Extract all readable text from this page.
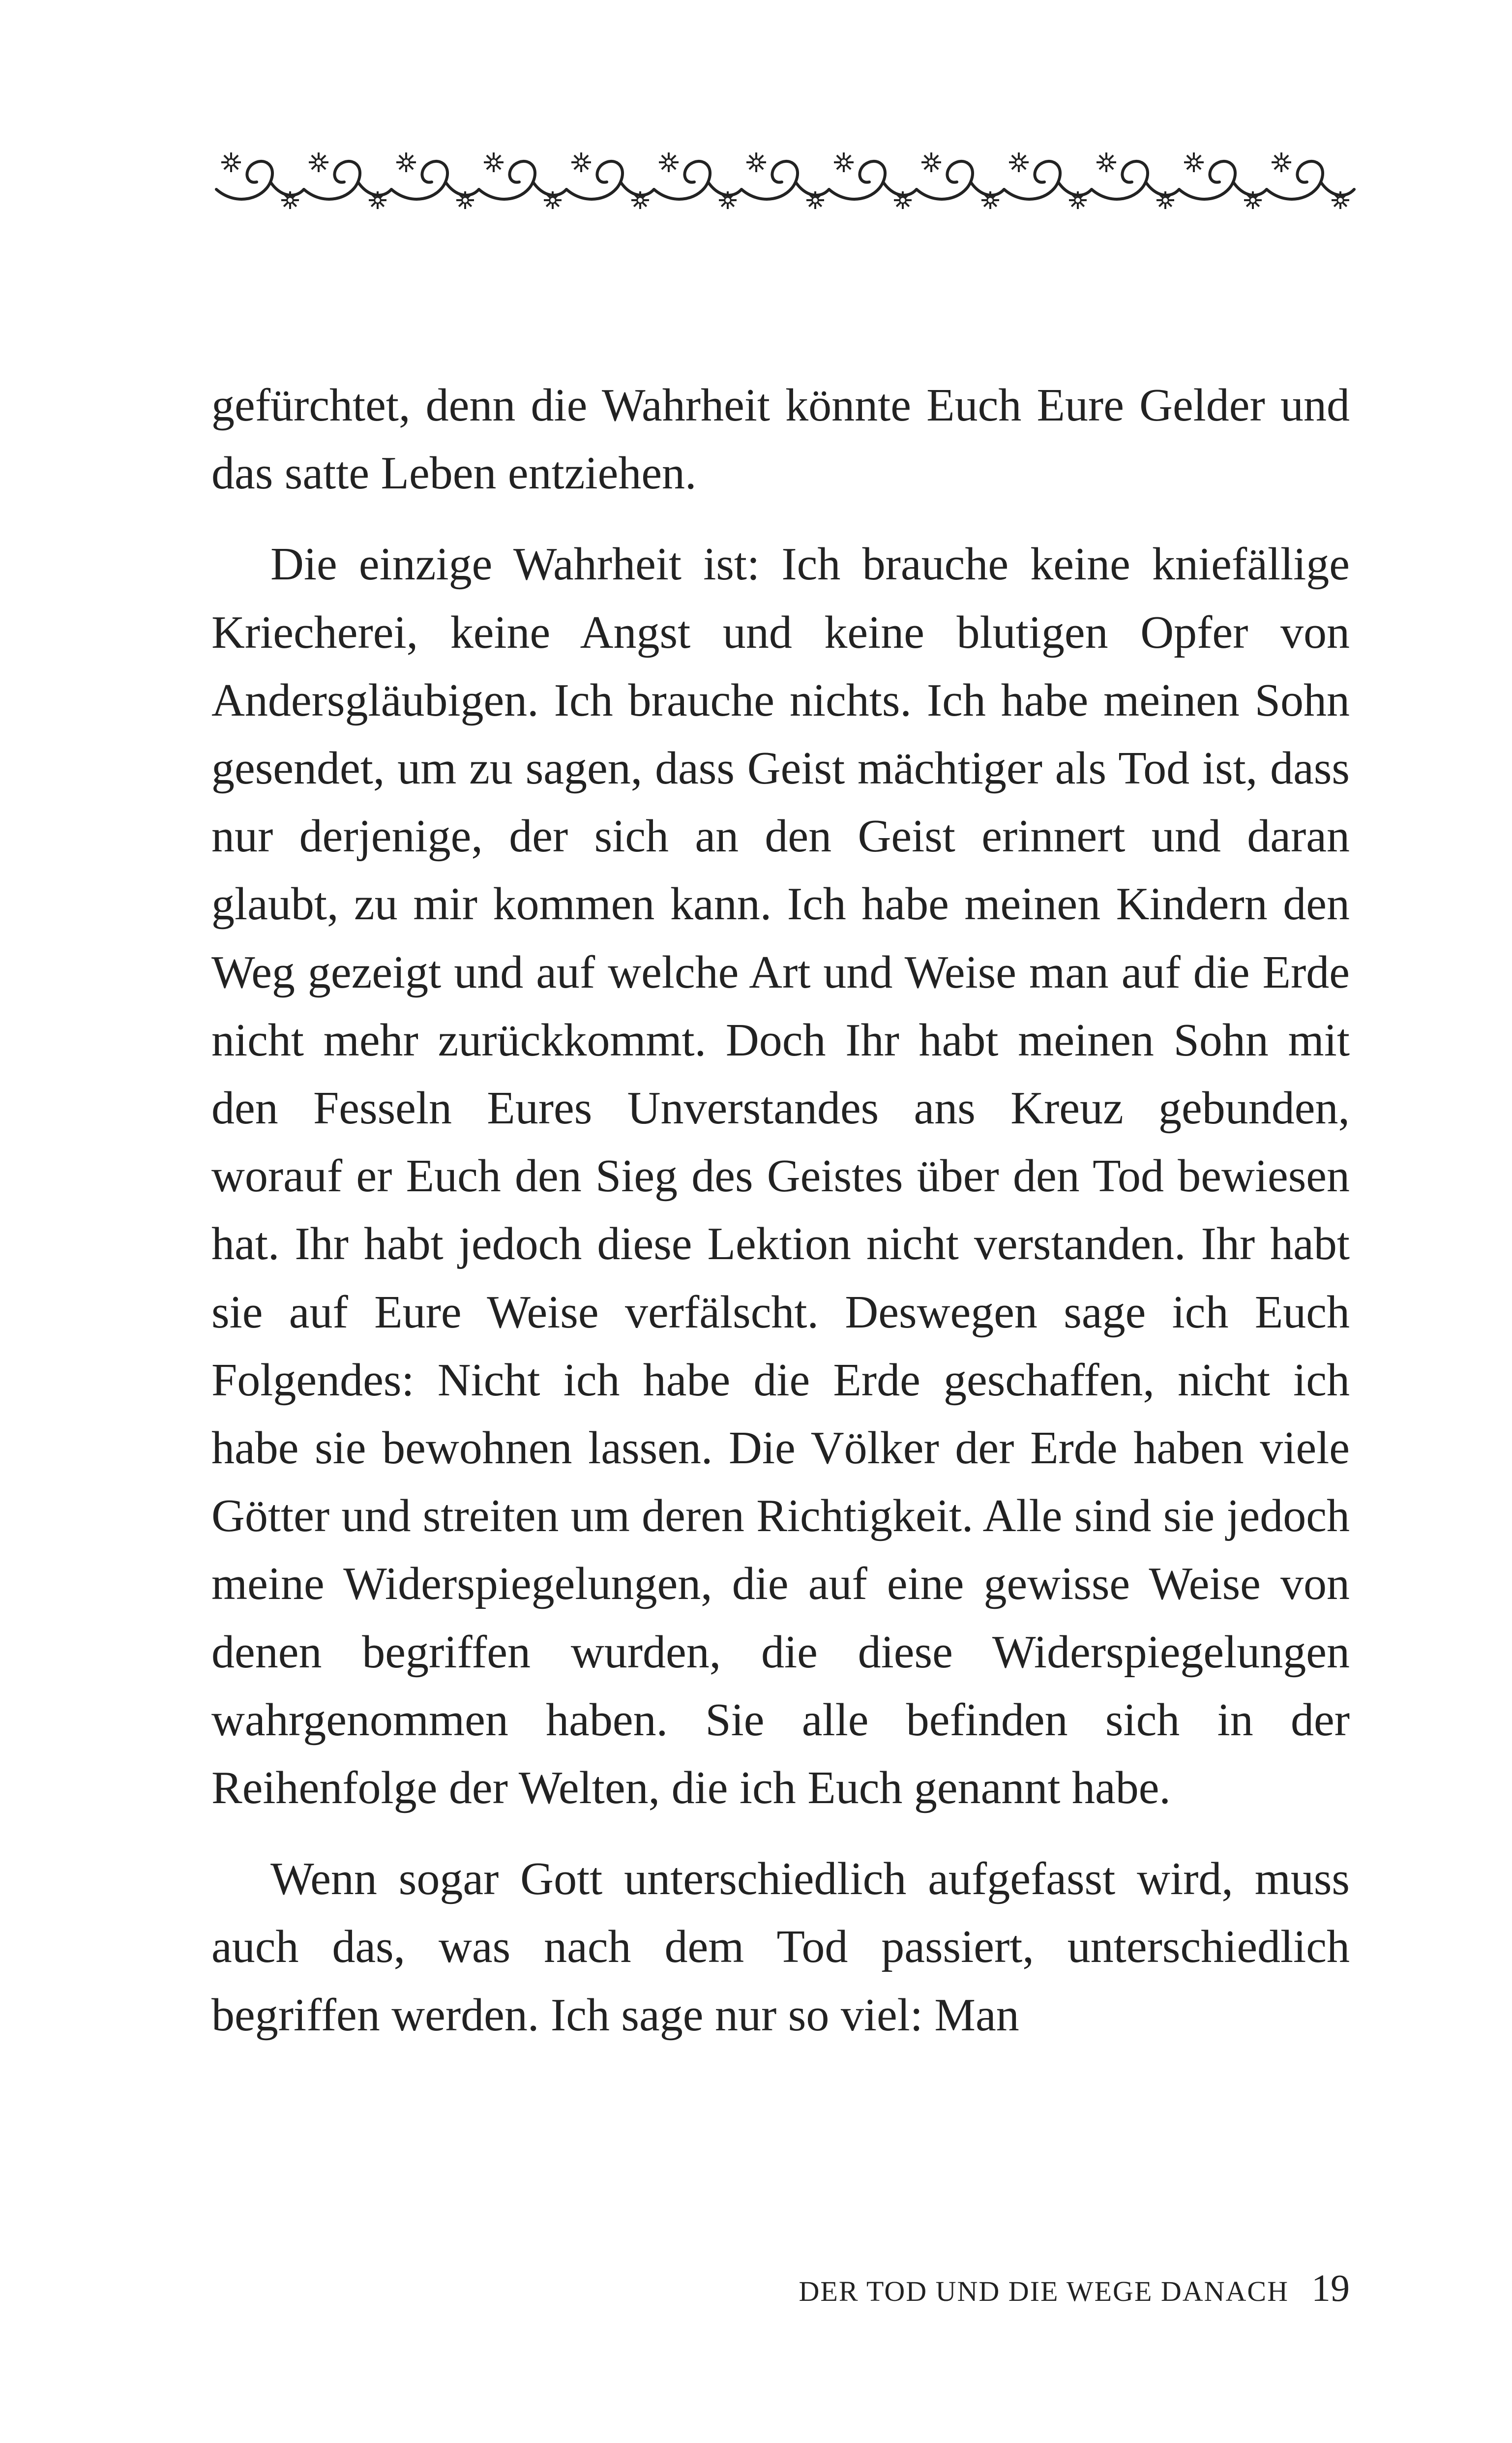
gefürchtet, denn die Wahrheit könnte Euch Eure Gelder und das satte Leben entziehen.

Die einzige Wahrheit ist: Ich brauche keine kniefällige Kriecherei, keine Angst und keine blutigen Opfer von Andersgläubigen. Ich brauche nichts. Ich habe meinen Sohn gesendet, um zu sagen, dass Geist mächtiger als Tod ist, dass nur derjenige, der sich an den Geist erinnert und daran glaubt, zu mir kommen kann. Ich habe meinen Kindern den Weg gezeigt und auf welche Art und Weise man auf die Erde nicht mehr zurückkommt. Doch Ihr habt meinen Sohn mit den Fesseln Eures Unverstandes ans Kreuz gebunden, worauf er Euch den Sieg des Geistes über den Tod bewiesen hat. Ihr habt jedoch diese Lektion nicht verstanden. Ihr habt sie auf Eure Weise verfälscht. Deswegen sage ich Euch Folgendes: Nicht ich habe die Erde geschaffen, nicht ich habe sie bewohnen lassen. Die Völker der Erde haben viele Götter und streiten um deren Richtigkeit. Alle sind sie jedoch meine Widerspiegelungen, die auf eine gewisse Weise von denen begriffen wurden, die diese Widerspiegelungen wahrgenommen haben. Sie alle befinden sich in der Reihenfolge der Welten, die ich Euch genannt habe.

Wenn sogar Gott unterschiedlich aufgefasst wird, muss auch das, was nach dem Tod passiert, unterschiedlich begriffen werden. Ich sage nur so viel: Man

DER TOD UND DIE WEGE DANACH 19
